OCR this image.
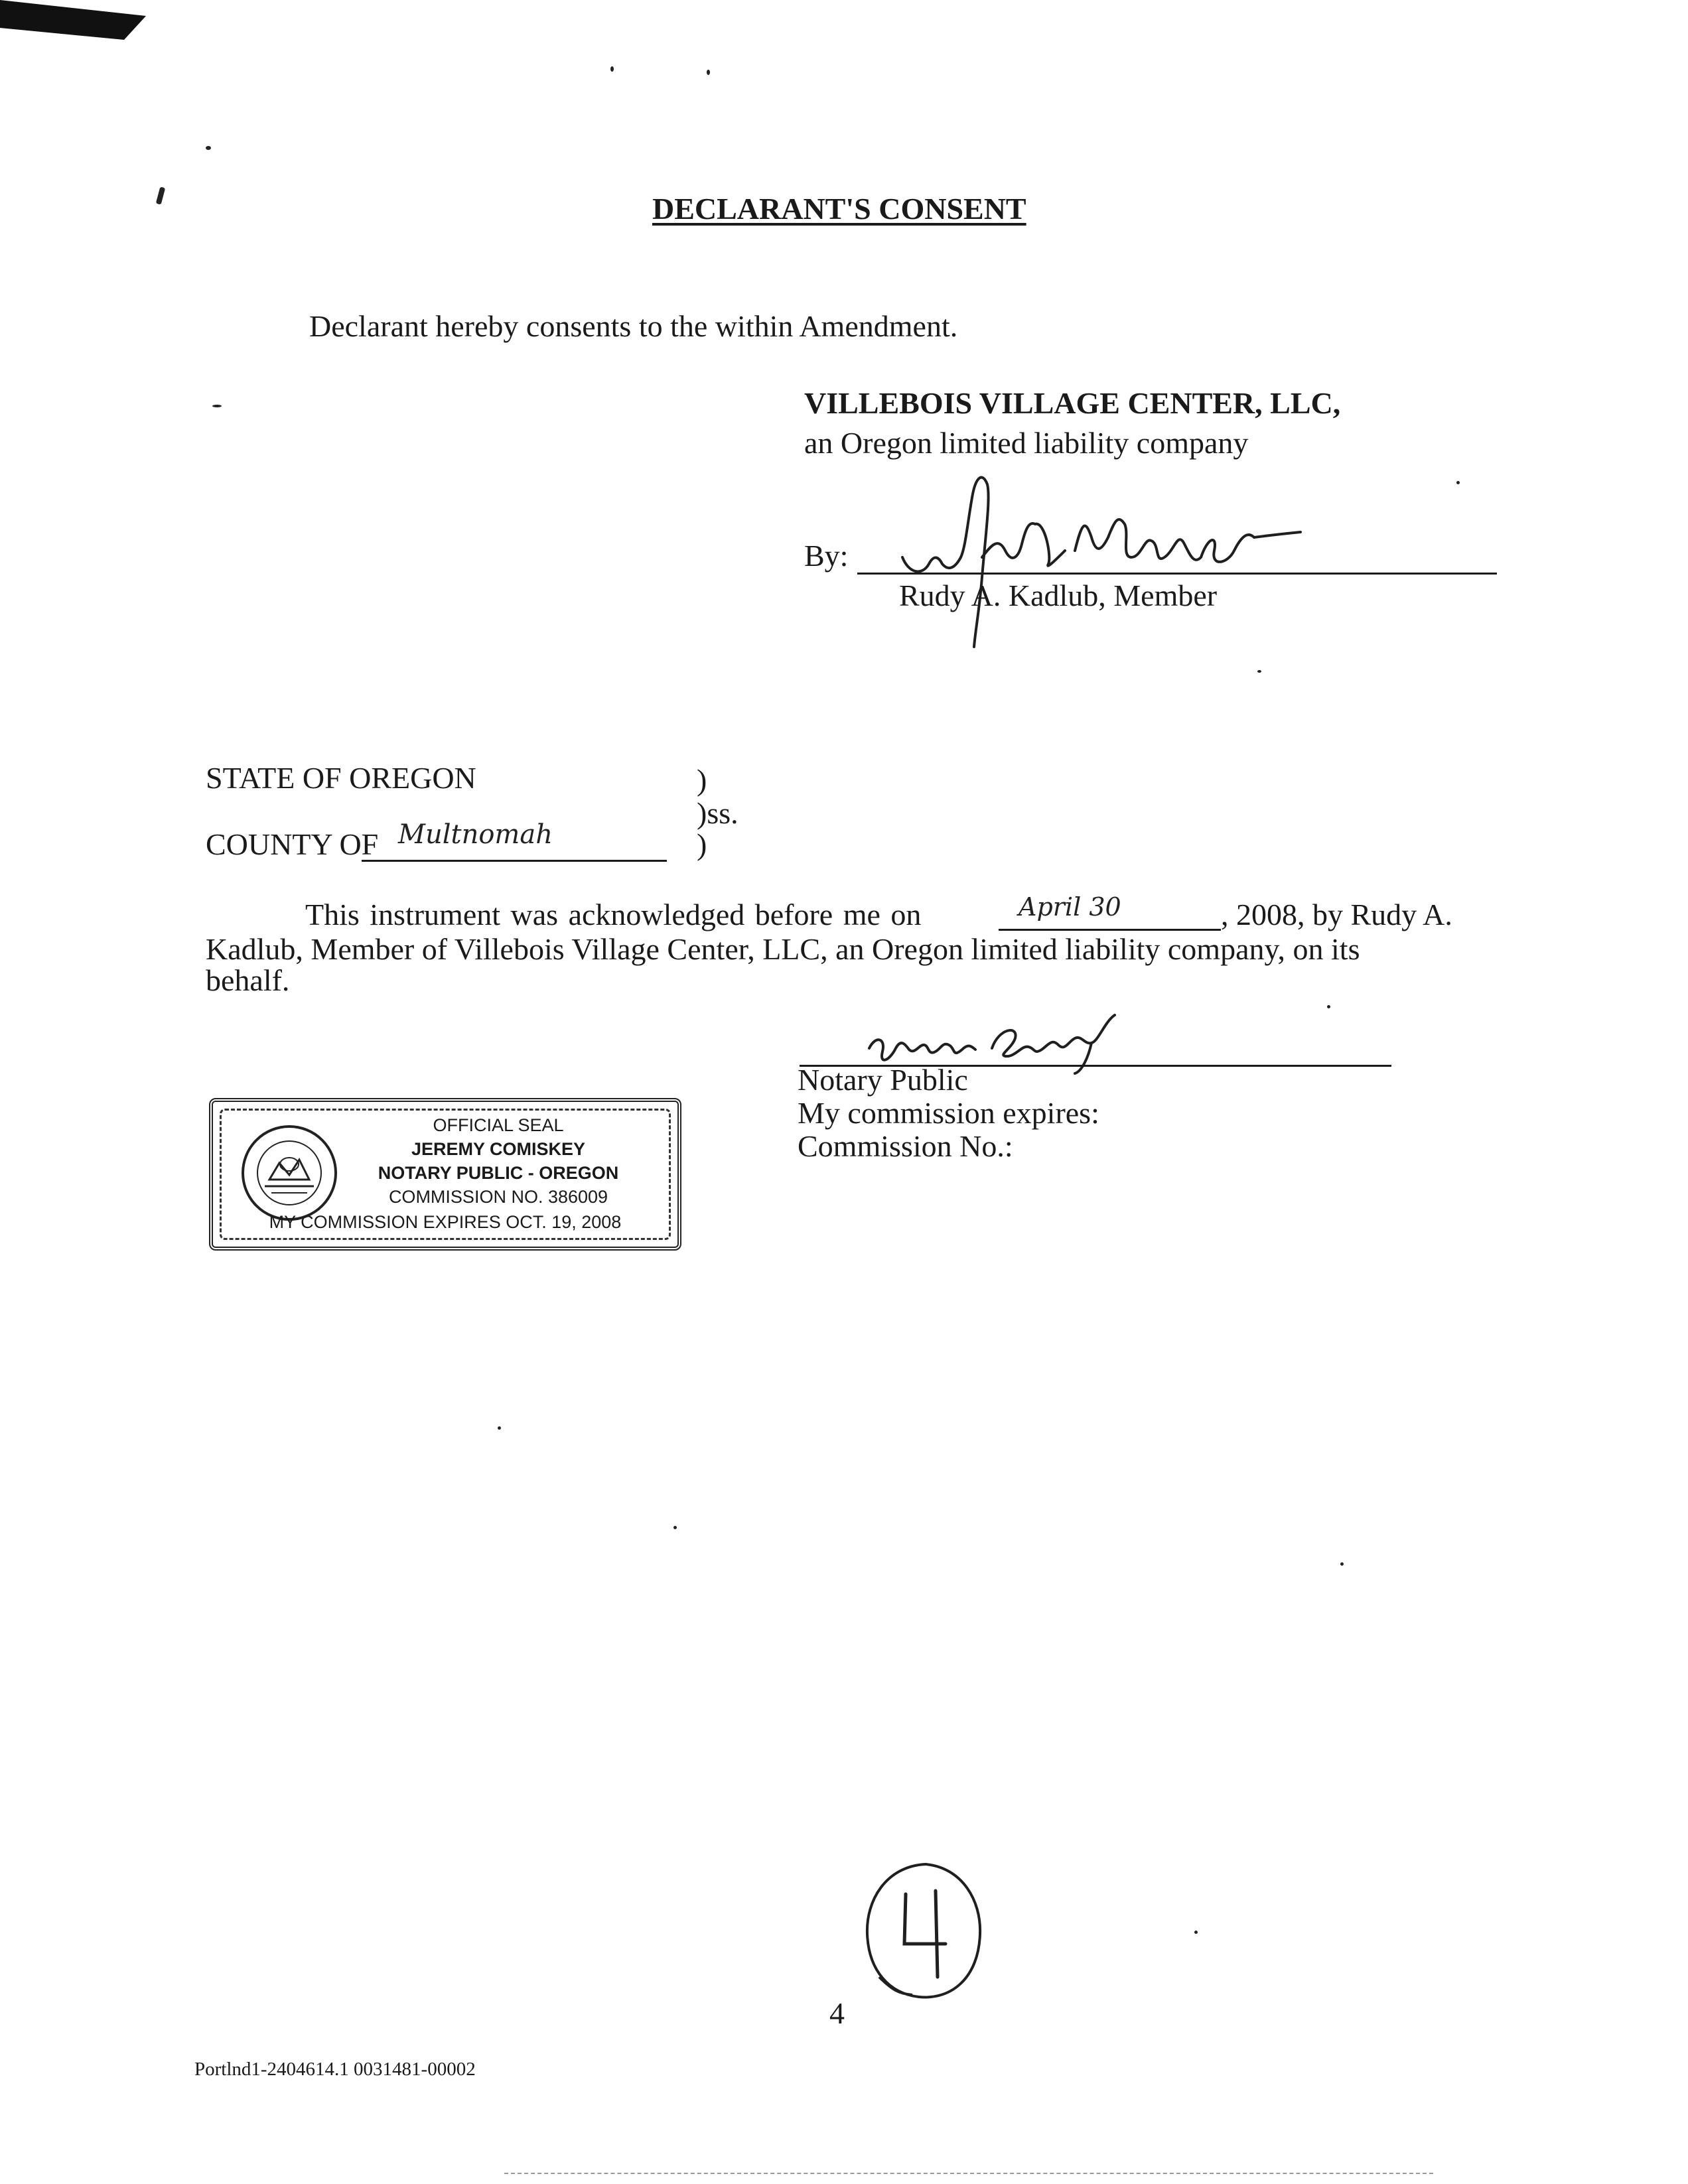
DECLARANT'S CONSENT
Declarant hereby consents to the within Amendment.
VILLEBOIS VILLAGE CENTER, LLC,
an Oregon limited liability company
By:
Rudy A. Kadlub, Member
STATE OF OREGON	)
)ss.
)
COUNTY OF Multnomah
This instrument was acknowledged before me on	April 30	, 2008, by Rudy A.
Kadlub, Member of Villebois Village Center, LLC, an Oregon limited liability company, on its
behalf.
Notary Public
My commission expires:
Commission No.:
OFFICIAL SEAL
JEREMY COMISKEY
NOTARY PUBLIC - OREGON
COMMISSION NO. 386009
MY COMMISSION EXPIRES OCT. 19, 2008
4
Portlnd1-2404614.1 0031481-00002
